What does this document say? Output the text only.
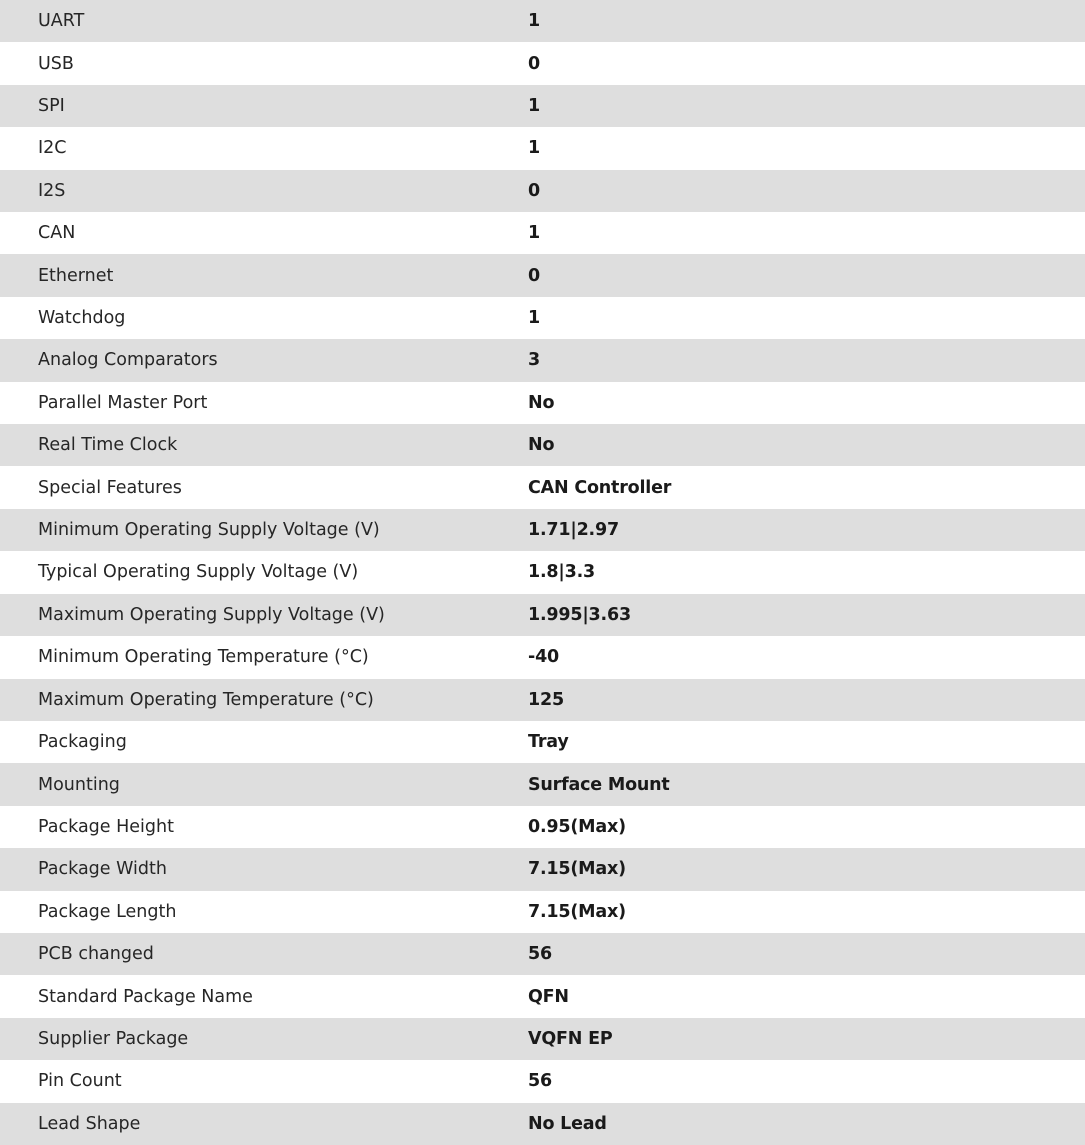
UART	1
USB	0
SPI	1
I2C	1
I2S	0
CAN	1
Ethernet	0
Watchdog	1
Analog Comparators	3
Parallel Master Port	No
Real Time Clock	No
Special Features	CAN Controller
Minimum Operating Supply Voltage (V)	1.71|2.97
Typical Operating Supply Voltage (V)	1.8|3.3
Maximum Operating Supply Voltage (V)	1.995|3.63
Minimum Operating Temperature (°C)	-40
Maximum Operating Temperature (°C)	125
Packaging	Tray
Mounting	Surface Mount
Package Height	0.95(Max)
Package Width	7.15(Max)
Package Length	7.15(Max)
PCB changed	56
Standard Package Name	QFN
Supplier Package	VQFN EP
Pin Count	56
Lead Shape	No Lead
